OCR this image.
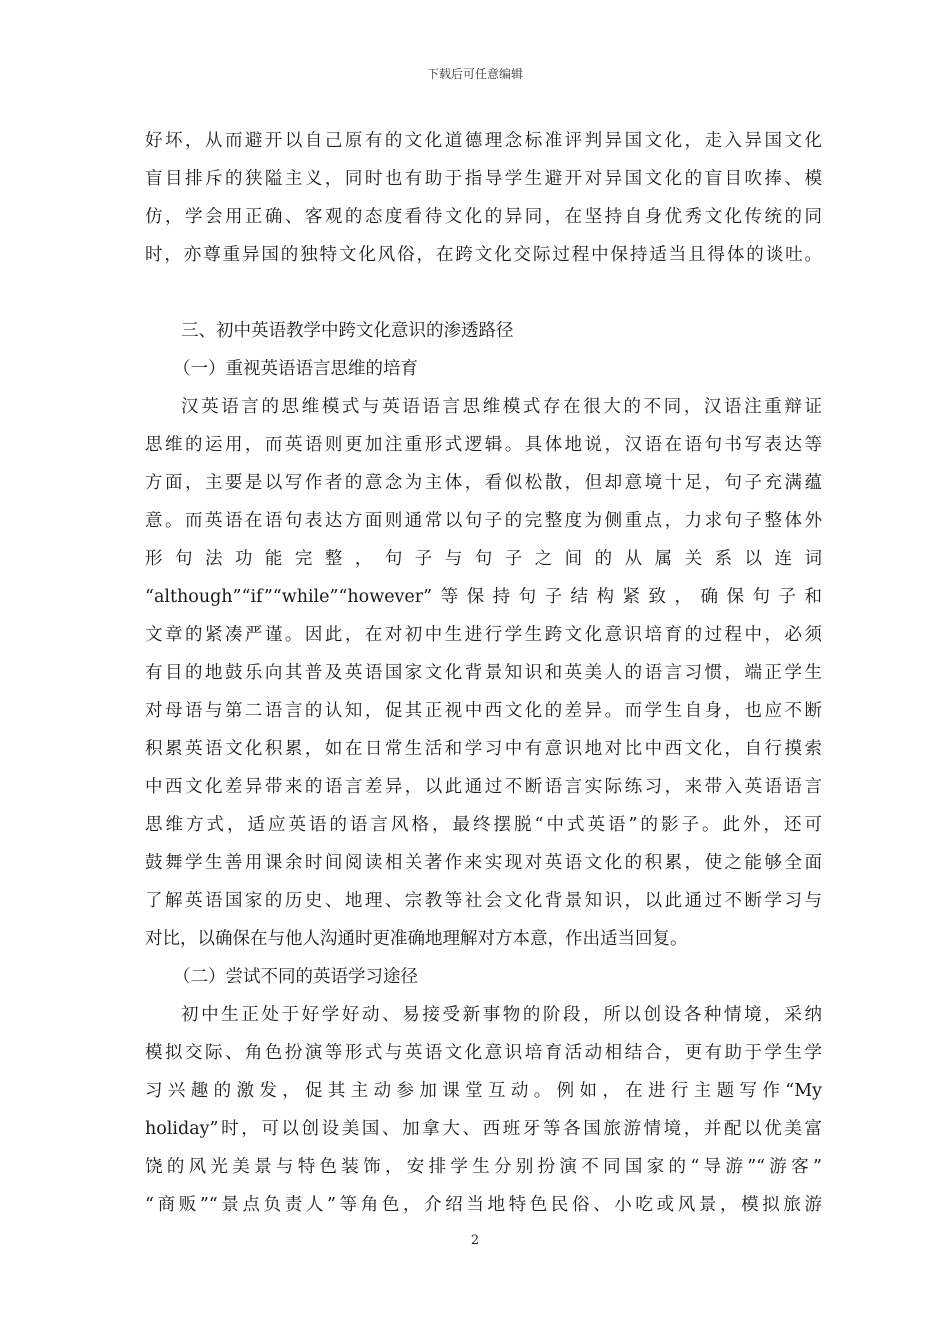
下载后可任意编辑
好坏，从而避开以自己原有的文化道德理念标准评判异国文化，走入异国文化
盲目排斥的狭隘主义，同时也有助于指导学生避开对异国文化的盲目吹捧、模
仿，学会用正确、客观的态度看待文化的异同，在坚持自身优秀文化传统的同
时，亦尊重异国的独特文化风俗，在跨文化交际过程中保持适当且得体的谈吐。
三、初中英语教学中跨文化意识的渗透路径
（一）重视英语语言思维的培育
汉英语言的思维模式与英语语言思维模式存在很大的不同，汉语注重辩证
思维的运用，而英语则更加注重形式逻辑。具体地说，汉语在语句书写表达等
方面，主要是以写作者的意念为主体，看似松散，但却意境十足，句子充满蕴
意。而英语在语句表达方面则通常以句子的完整度为侧重点，力求句子整体外
形句法功能完整，句子与句子之间的从属关系以连词
“although”“if”“while”“however”等保持句子结构紧致，确保句子和
文章的紧凑严谨。因此，在对初中生进行学生跨文化意识培育的过程中，必须
有目的地鼓乐向其普及英语国家文化背景知识和英美人的语言习惯，端正学生
对母语与第二语言的认知，促其正视中西文化的差异。而学生自身，也应不断
积累英语文化积累，如在日常生活和学习中有意识地对比中西文化，自行摸索
中西文化差异带来的语言差异，以此通过不断语言实际练习，来带入英语语言
思维方式，适应英语的语言风格，最终摆脱“中式英语”的影子。此外，还可
鼓舞学生善用课余时间阅读相关著作来实现对英语文化的积累，使之能够全面
了解英语国家的历史、地理、宗教等社会文化背景知识，以此通过不断学习与
对比，以确保在与他人沟通时更准确地理解对方本意，作出适当回复。
（二）尝试不同的英语学习途径
初中生正处于好学好动、易接受新事物的阶段，所以创设各种情境，采纳
模拟交际、角色扮演等形式与英语文化意识培育活动相结合，更有助于学生学
习兴趣的激发，促其主动参加课堂互动。例如，在进行主题写作“My
holiday”时，可以创设美国、加拿大、西班牙等各国旅游情境，并配以优美富
饶的风光美景与特色装饰，安排学生分别扮演不同国家的“导游”“游客”
“商贩”“景点负责人”等角色，介绍当地特色民俗、小吃或风景，模拟旅游
2
